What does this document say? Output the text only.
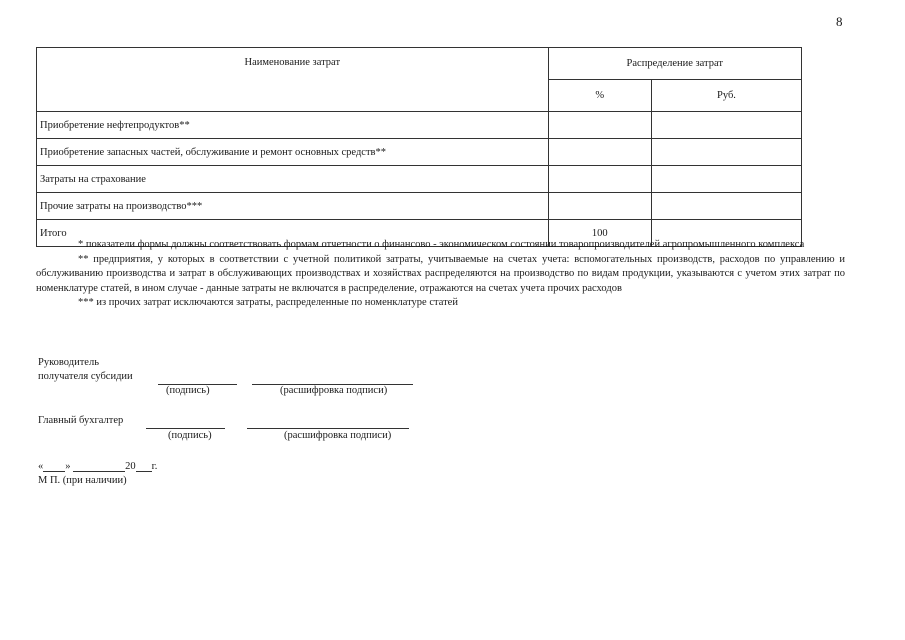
8
Наименование затрат	Распределение затрат	
	%	Руб.
Приобретение нефтепродуктов**		
Приобретение запасных частей, обслуживание и ремонт основных средств**		
Затраты на страхование		
Прочие затраты на производство***		
Итого	100	

* показатели формы должны соответствовать формам отчетности о финансово - экономическом состоянии товаропроизводителей агропромышленного комплекса

** предприятия, у которых в соответствии с учетной политикой затраты, учитываемые на счетах учета: вспомогательных производств, расходов по управлению и обслуживанию производства и затрат в обслуживающих производствах и хозяйствах распределяются на производство по видам продукции, указываются с учетом этих затрат по номенклатуре статей, в ином случае - данные затраты не включатся в распределение, отражаются на счетах учета прочих расходов

*** из прочих затрат исключаются затраты, распределенные по номенклатуре статей

Руководитель
получателя субсидии
(подпись)	(расшифровка подписи)
Главный бухгалтер
(подпись)	(расшифровка подписи)
« »	20 г.
М П. (при наличии)
